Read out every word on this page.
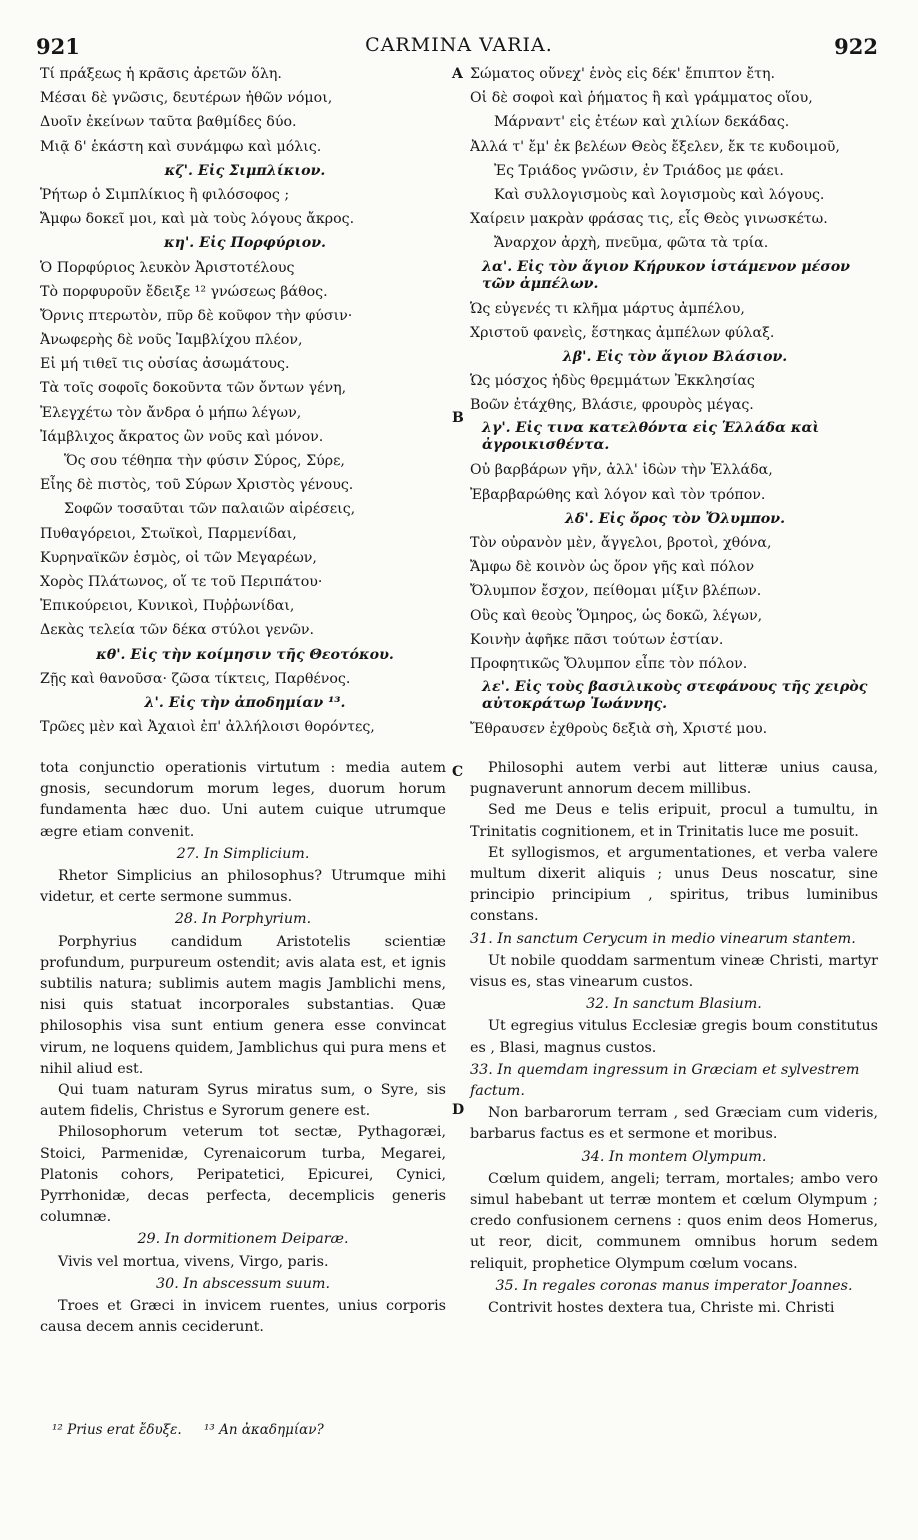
921	CARMINA VARIA.	922
A
B
C
D
Τί πράξεως ἡ κρᾶσις ἀρετῶν ὅλη.
Μέσαι δὲ γνῶσις, δευτέρων ἠθῶν νόμοι,
Δυοῖν ἐκείνων ταῦτα βαθμίδες δύο.
Μιᾷ δ' ἑκάστη καὶ συνάμφω καὶ μόλις.
κζ'. Εἰς Σιμπλίκιον.
Ῥήτωρ ὁ Σιμπλίκιος ἢ φιλόσοφος ;
Ἄμφω δοκεῖ μοι, καὶ μὰ τοὺς λόγους ἄκρος.
κη'. Εἰς Πορφύριον.
Ὁ Πορφύριος λευκὸν Ἀριστοτέλους
Τὸ πορφυροῦν ἔδειξε ¹² γνώσεως βάθος.
Ὄρνις πτερωτὸν, πῦρ δὲ κοῦφον τὴν φύσιν·
Ἀνωφερὴς δὲ νοῦς Ἰαμβλίχου πλέον,
Εἰ μή τιθεῖ τις οὐσίας ἀσωμάτους.
Τὰ τοῖς σοφοῖς δοκοῦντα τῶν ὄντων γένη,
Ἐλεγχέτω τὸν ἄνδρα ὁ μήπω λέγων,
Ἰάμβλιχος ἄκρατος ὢν νοῦς καὶ μόνον.
Ὅς σου τέθηπα τὴν φύσιν Σύρος, Σύρε,
Εἶης δὲ πιστὸς, τοῦ Σύρων Χριστὸς γένους.
Σοφῶν τοσαῦται τῶν παλαιῶν αἱρέσεις,
Πυθαγόρειοι, Στωϊκοὶ, Παρμενίδαι,
Κυρηναϊκῶν ἑσμὸς, οἱ τῶν Μεγαρέων,
Χορὸς Πλάτωνος, οἵ τε τοῦ Περιπάτου·
Ἐπικούρειοι, Κυνικοὶ, Πυῤῥωνίδαι,
Δεκὰς τελεία τῶν δέκα στύλοι γενῶν.
κθ'. Εἰς τὴν κοίμησιν τῆς Θεοτόκου.
Ζῇς καὶ θανοῦσα· ζῶσα τίκτεις, Παρθένος.
λ'. Εἰς τὴν ἀποδημίαν ¹³.
Τρῶες μὲν καὶ Ἀχαιοὶ ἐπ' ἀλλήλοισι θορόντες,
Σώματος οὕνεχ' ἑνὸς εἰς δέκ' ἔπιπτον ἔτη.
Οἱ δὲ σοφοὶ καὶ ῥήματος ἢ καὶ γράμματος οἵου,
Μάρναντ' εἰς ἐτέων καὶ χιλίων δεκάδας.
Ἀλλά τ' ἔμ' ἐκ βελέων Θεὸς ἔξελεν, ἔκ τε κυδοιμοῦ,
Ἐς Τριάδος γνῶσιν, ἐν Τριάδος με φάει.
Καὶ συλλογισμοὺς καὶ λογισμοὺς καὶ λόγους.
Χαίρειν μακρὰν φράσας τις, εἷς Θεὸς γινωσκέτω.
Ἄναρχον ἀρχὴ, πνεῦμα, φῶτα τὰ τρία.
λα'. Εἰς τὸν ἅγιον Κήρυκον ἱστάμενον μέσον τῶν ἀμπέλων.
Ὡς εὐγενές τι κλῆμα μάρτυς ἀμπέλου,
Χριστοῦ φανεὶς, ἕστηκας ἀμπέλων φύλαξ.
λβ'. Εἰς τὸν ἅγιον Βλάσιον.
Ὡς μόσχος ἡδὺς θρεμμάτων Ἐκκλησίας
Βοῶν ἐτάχθης, Βλάσιε, φρουρὸς μέγας.
λγ'. Εἰς τινα κατελθόντα εἰς Ἑλλάδα καὶ ἀγροικισθέντα.
Οὐ βαρβάρων γῆν, ἀλλ' ἰδὼν τὴν Ἑλλάδα,
Ἐβαρβαρώθης καὶ λόγον καὶ τὸν τρόπον.
λδ'. Εἰς ὄρος τὸν Ὄλυμπον.
Τὸν οὐρανὸν μὲν, ἄγγελοι, βροτοὶ, χθόνα,
Ἄμφω δὲ κοινὸν ὡς ὅρον γῆς καὶ πόλον
Ὄλυμπον ἔσχον, πείθομαι μίξιν βλέπων.
Οὓς καὶ θεοὺς Ὅμηρος, ὡς δοκῶ, λέγων,
Κοινὴν ἀφῆκε πᾶσι τούτων ἑστίαν.
Προφητικῶς Ὄλυμπον εἶπε τὸν πόλον.
λε'. Εἰς τοὺς βασιλικοὺς στεφάνους τῆς χειρὸς αὐτοκράτωρ Ἰωάννης.
Ἔθραυσεν ἐχθροὺς δεξιὰ σὴ, Χριστέ μου.

tota conjunctio operationis virtutum : media autem gnosis, secundorum morum leges, duorum horum fundamenta hæc duo. Uni autem cuique utrumque ægre etiam convenit.

27. In Simplicium.

Rhetor Simplicius an philosophus? Utrumque mihi videtur, et certe sermone summus.

28. In Porphyrium.

Porphyrius candidum Aristotelis scientiæ profundum, purpureum ostendit; avis alata est, et ignis subtilis natura; sublimis autem magis Jamblichi mens, nisi quis statuat incorporales substantias. Quæ philosophis visa sunt entium genera esse convincat virum, ne loquens quidem, Jamblichus qui pura mens et nihil aliud est.

Qui tuam naturam Syrus miratus sum, o Syre, sis autem fidelis, Christus e Syrorum genere est.

Philosophorum veterum tot sectæ, Pythagoræi, Stoici, Parmenidæ, Cyrenaicorum turba, Megarei, Platonis cohors, Peripatetici, Epicurei, Cynici, Pyrrhonidæ, decas perfecta, decemplicis generis columnæ.

29. In dormitionem Deiparæ.

Vivis vel mortua, vivens, Virgo, paris.

30. In abscessum suum.

Troes et Græci in invicem ruentes, unius corporis causa decem annis ceciderunt.

Philosophi autem verbi aut litteræ unius causa, pugnaverunt annorum decem millibus.

Sed me Deus e telis eripuit, procul a tumultu, in Trinitatis cognitionem, et in Trinitatis luce me posuit.

Et syllogismos, et argumentationes, et verba valere multum dixerit aliquis ; unus Deus noscatur, sine principio principium , spiritus, tribus luminibus constans.

31. In sanctum Cerycum in medio vinearum stantem.

Ut nobile quoddam sarmentum vineæ Christi, martyr visus es, stas vinearum custos.

32. In sanctum Blasium.

Ut egregius vitulus Ecclesiæ gregis boum constitutus es , Blasi, magnus custos.

33. In quemdam ingressum in Græciam et sylvestrem factum.

Non barbarorum terram , sed Græciam cum videris, barbarus factus es et sermone et moribus.

34. In montem Olympum.

Cœlum quidem, angeli; terram, mortales; ambo vero simul habebant ut terræ montem et cœlum Olympum ; credo confusionem cernens : quos enim deos Homerus, ut reor, dicit, communem omnibus horum sedem reliquit, prophetice Olympum cœlum vocans.

35. In regales coronas manus imperator Joannes.

Contrivit hostes dextera tua, Christe mi. Christi

¹² Prius erat ἔδυξε. ¹³ An ἀκαδημίαν?
